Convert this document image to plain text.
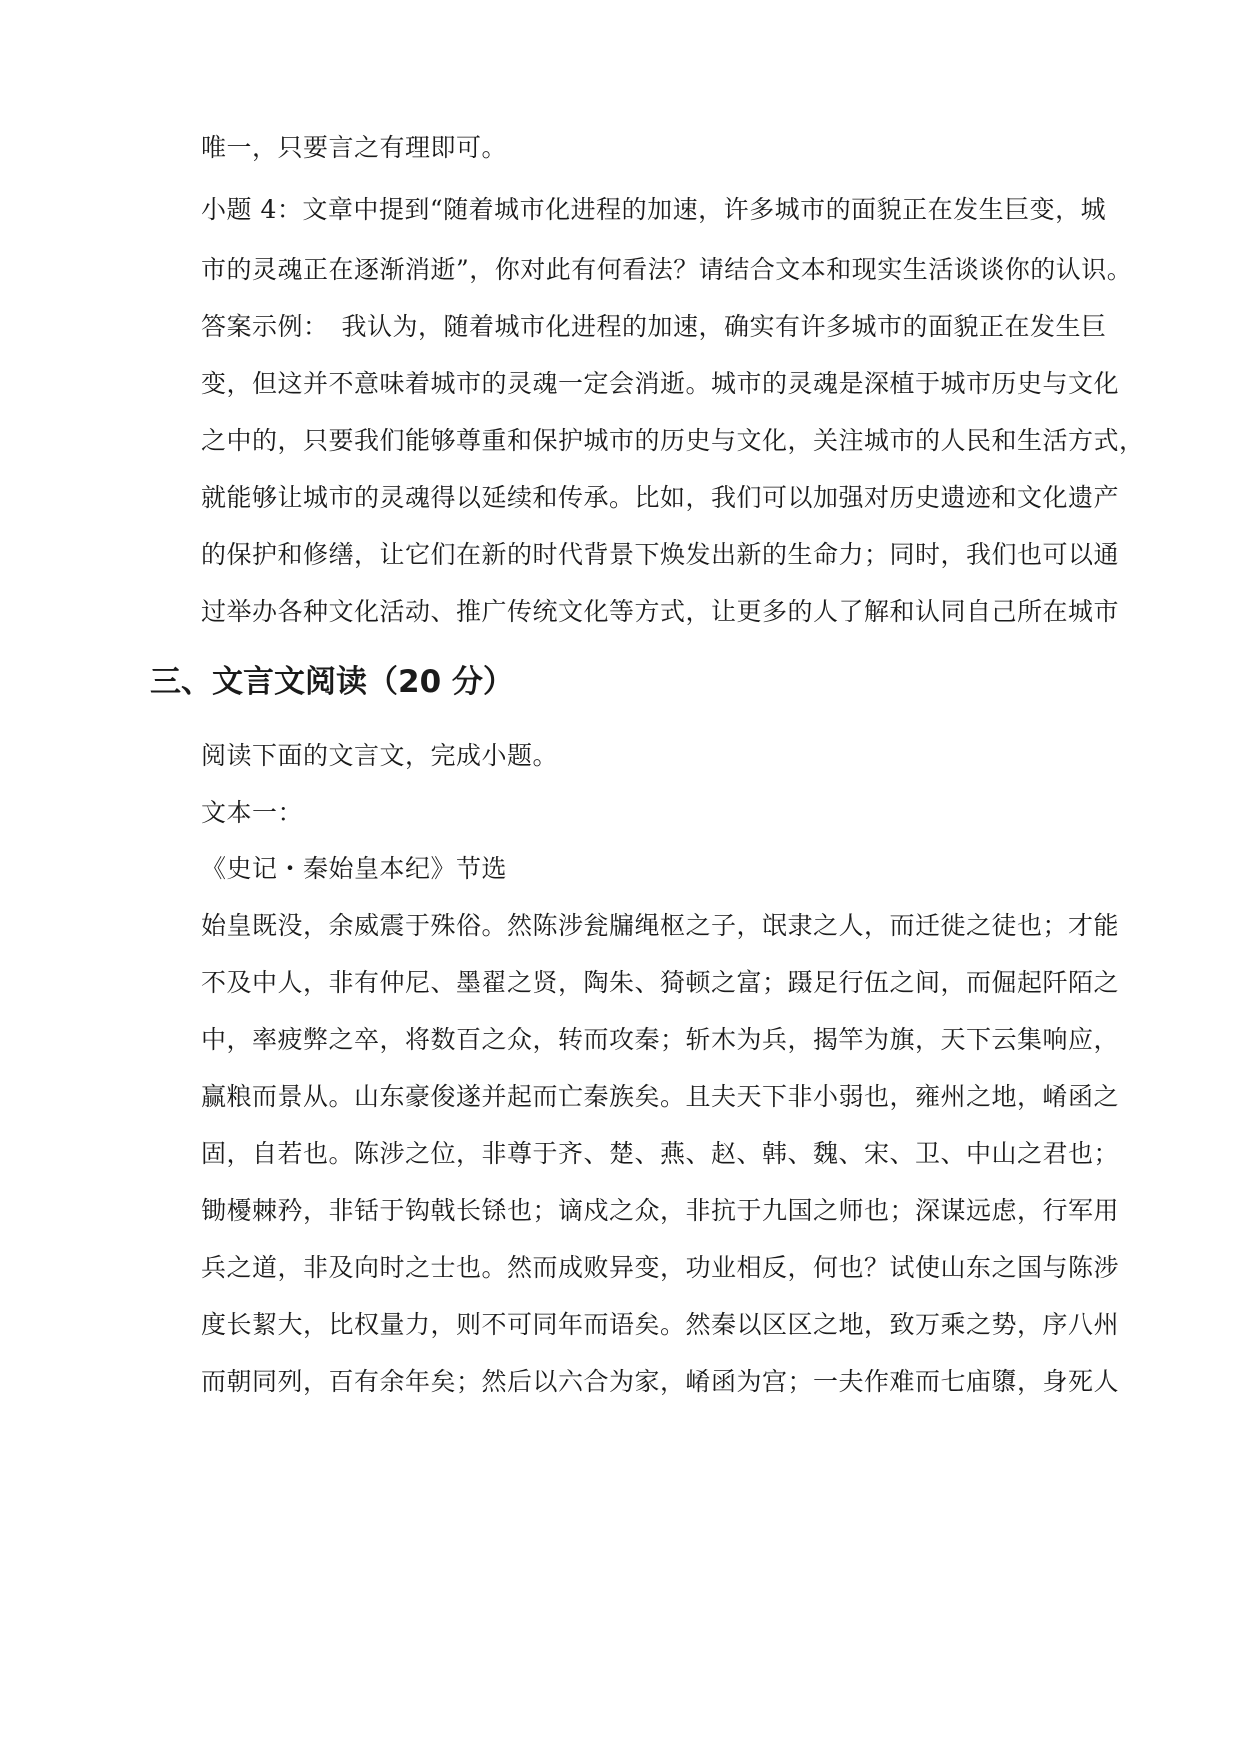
唯一，只要言之有理即可。
小题 4：文章中提到“随着城市化进程的加速，许多城市的面貌正在发生巨变，城
市的灵魂正在逐渐消逝”，你对此有何看法？请结合文本和现实生活谈谈你的认识。
答案示例：　我认为，随着城市化进程的加速，确实有许多城市的面貌正在发生巨
变，但这并不意味着城市的灵魂一定会消逝。城市的灵魂是深植于城市历史与文化
之中的，只要我们能够尊重和保护城市的历史与文化，关注城市的人民和生活方式，
就能够让城市的灵魂得以延续和传承。比如，我们可以加强对历史遗迹和文化遗产
的保护和修缮，让它们在新的时代背景下焕发出新的生命力；同时，我们也可以通
过举办各种文化活动、推广传统文化等方式，让更多的人了解和认同自己所在城市
三、文言文阅读（20 分）
阅读下面的文言文，完成小题。
文本一：
《史记・秦始皇本纪》节选
始皇既没，余威震于殊俗。然陈涉瓮牖绳枢之子，氓隶之人，而迁徙之徒也；才能
不及中人，非有仲尼、墨翟之贤，陶朱、猗顿之富；蹑足行伍之间，而倔起阡陌之
中，率疲弊之卒，将数百之众，转而攻秦；斩木为兵，揭竿为旗，天下云集响应，
赢粮而景从。山东豪俊遂并起而亡秦族矣。且夫天下非小弱也，雍州之地，崤函之
固，自若也。陈涉之位，非尊于齐、楚、燕、赵、韩、魏、宋、卫、中山之君也；
锄櫌棘矜，非铦于钩戟长铩也；谪戍之众，非抗于九国之师也；深谋远虑，行军用
兵之道，非及向时之士也。然而成败异变，功业相反，何也？试使山东之国与陈涉
度长絜大，比权量力，则不可同年而语矣。然秦以区区之地，致万乘之势，序八州
而朝同列，百有余年矣；然后以六合为家，崤函为宫；一夫作难而七庙隳，身死人
